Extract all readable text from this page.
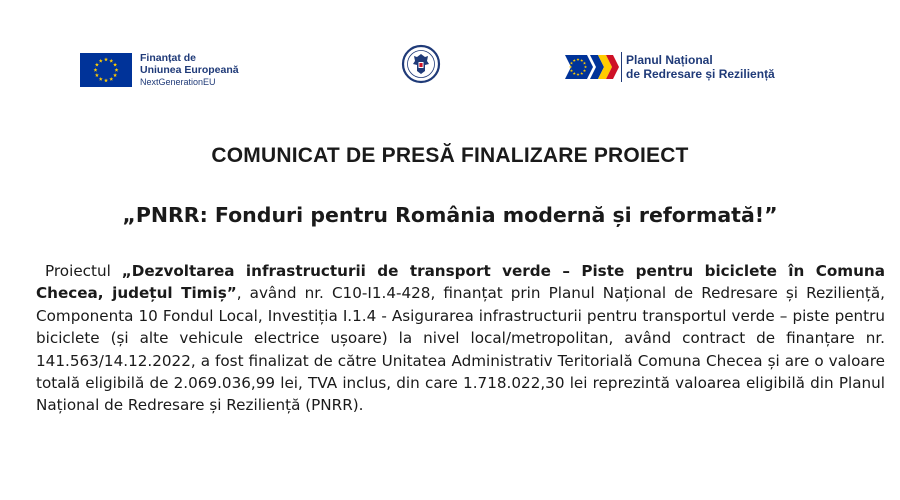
Finanțat de
Uniunea Europeană
NextGenerationEU
Planul Național
de Redresare și Reziliență
COMUNICAT DE PRESĂ FINALIZARE PROIECT
„PNRR: Fonduri pentru România modernă și reformată!”
Proiectul „Dezvoltarea infrastructurii de transport verde – Piste pentru biciclete în Comuna Checea, județul Timiș”, având nr. C10-I1.4-428, finanțat prin Planul Național de Redresare și Reziliență, Componenta 10 Fondul Local, Investiția I.1.4 - Asigurarea infrastructurii pentru transportul verde – piste pentru biciclete (și alte vehicule electrice ușoare) la nivel local/metropolitan, având contract de finanțare nr. 141.563/14.12.2022, a fost finalizat de către Unitatea Administrativ Teritorială Comuna Checea și are o valoare totală eligibilă de 2.069.036,99 lei, TVA inclus, din care 1.718.022,30 lei reprezintă valoarea eligibilă din Planul Național de Redresare și Reziliență (PNRR).
